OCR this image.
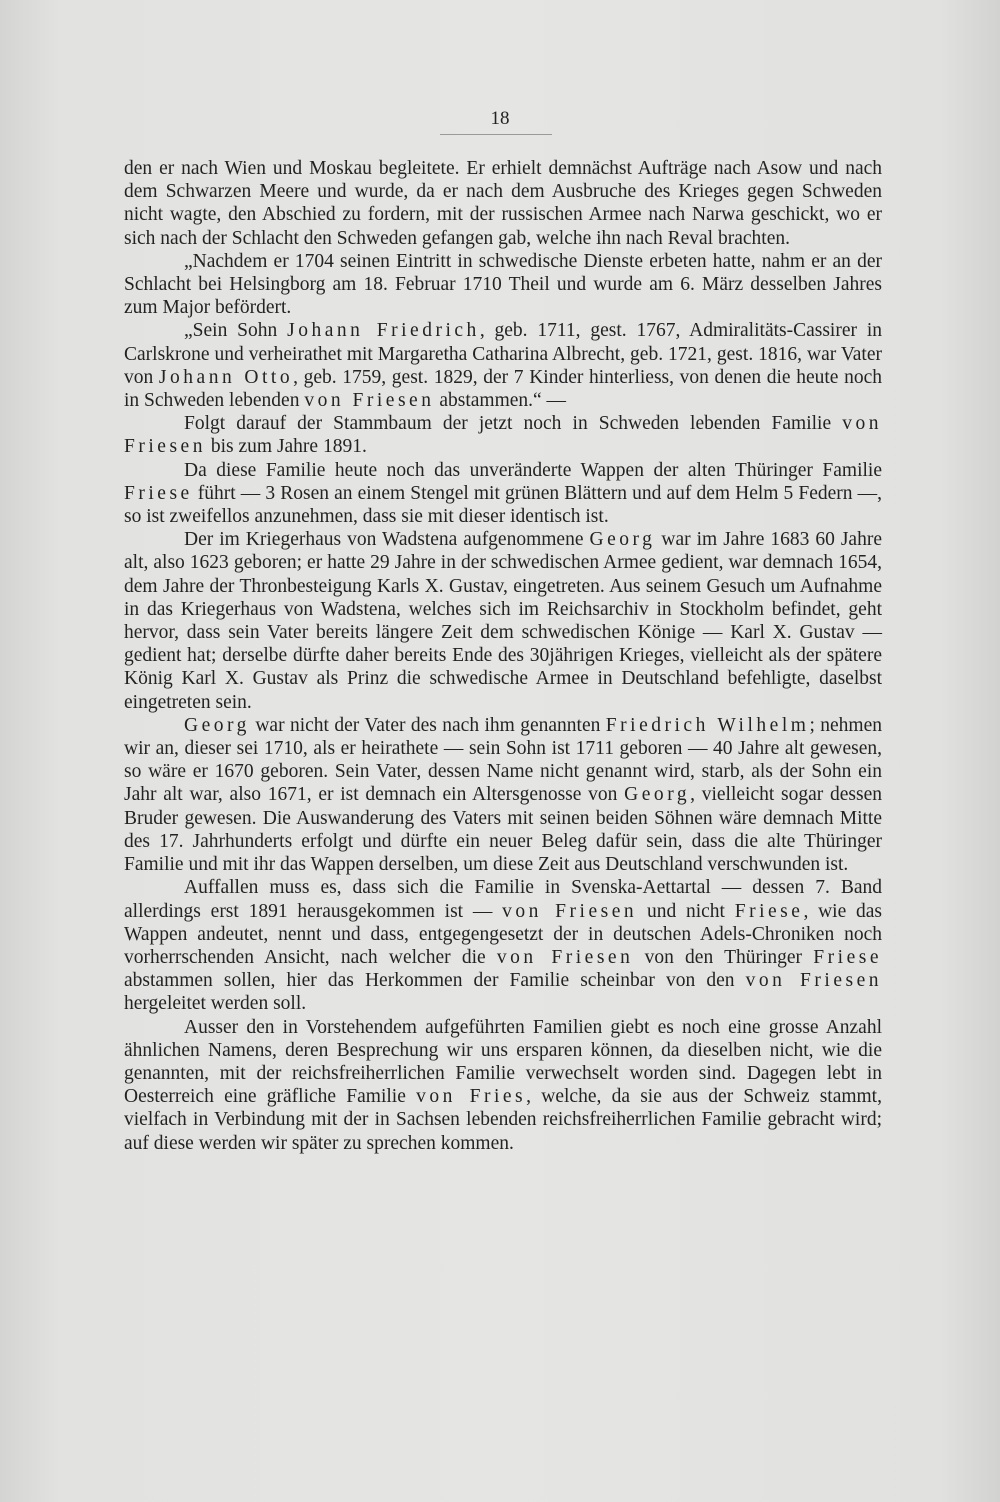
18

den er nach Wien und Moskau begleitete. Er erhielt demnächst Aufträge nach Asow und nach dem Schwarzen Meere und wurde, da er nach dem Ausbruche des Krieges gegen Schweden nicht wagte, den Abschied zu fordern, mit der russischen Armee nach Narwa geschickt, wo er sich nach der Schlacht den Schweden gefangen gab, welche ihn nach Reval brachten.

„Nachdem er 1704 seinen Eintritt in schwedische Dienste erbeten hatte, nahm er an der Schlacht bei Helsingborg am 18. Februar 1710 Theil und wurde am 6. März desselben Jahres zum Major befördert.

„Sein Sohn Johann Friedrich, geb. 1711, gest. 1767, Admiralitäts-Cassirer in Carlskrone und verheirathet mit Margaretha Catharina Albrecht, geb. 1721, gest. 1816, war Vater von Johann Otto, geb. 1759, gest. 1829, der 7 Kinder hinterliess, von denen die heute noch in Schweden lebenden von Friesen abstammen.“ —

Folgt darauf der Stammbaum der jetzt noch in Schweden lebenden Familie von Friesen bis zum Jahre 1891.

Da diese Familie heute noch das unveränderte Wappen der alten Thüringer Familie Friese führt — 3 Rosen an einem Stengel mit grünen Blättern und auf dem Helm 5 Federn —, so ist zweifellos anzunehmen, dass sie mit dieser identisch ist.

Der im Kriegerhaus von Wadstena aufgenommene Georg war im Jahre 1683 60 Jahre alt, also 1623 geboren; er hatte 29 Jahre in der schwedischen Armee gedient, war demnach 1654, dem Jahre der Thronbesteigung Karls X. Gustav, eingetreten. Aus seinem Gesuch um Aufnahme in das Kriegerhaus von Wadstena, welches sich im Reichsarchiv in Stockholm befindet, geht hervor, dass sein Vater bereits längere Zeit dem schwedischen Könige — Karl X. Gustav — gedient hat; derselbe dürfte daher bereits Ende des 30jährigen Krieges, vielleicht als der spätere König Karl X. Gustav als Prinz die schwedische Armee in Deutschland befehligte, daselbst eingetreten sein.

Georg war nicht der Vater des nach ihm genannten Friedrich Wilhelm; nehmen wir an, dieser sei 1710, als er heirathete — sein Sohn ist 1711 geboren — 40 Jahre alt gewesen, so wäre er 1670 geboren. Sein Vater, dessen Name nicht genannt wird, starb, als der Sohn ein Jahr alt war, also 1671, er ist demnach ein Altersgenosse von Georg, vielleicht sogar dessen Bruder gewesen. Die Auswanderung des Vaters mit seinen beiden Söhnen wäre demnach Mitte des 17. Jahrhunderts erfolgt und dürfte ein neuer Beleg dafür sein, dass die alte Thüringer Familie und mit ihr das Wappen derselben, um diese Zeit aus Deutschland verschwunden ist.

Auffallen muss es, dass sich die Familie in Svenska-Aettartal — dessen 7. Band allerdings erst 1891 herausgekommen ist — von Friesen und nicht Friese, wie das Wappen andeutet, nennt und dass, entgegengesetzt der in deutschen Adels-Chroniken noch vorherrschenden Ansicht, nach welcher die von Friesen von den Thüringer Friese abstammen sollen, hier das Herkommen der Familie scheinbar von den von Friesen hergeleitet werden soll.

Ausser den in Vorstehendem aufgeführten Familien giebt es noch eine grosse Anzahl ähnlichen Namens, deren Besprechung wir uns ersparen können, da dieselben nicht, wie die genannten, mit der reichsfreiherrlichen Familie verwechselt worden sind. Dagegen lebt in Oesterreich eine gräfliche Familie von Fries, welche, da sie aus der Schweiz stammt, vielfach in Verbindung mit der in Sachsen lebenden reichsfreiherrlichen Familie gebracht wird; auf diese werden wir später zu sprechen kommen.
